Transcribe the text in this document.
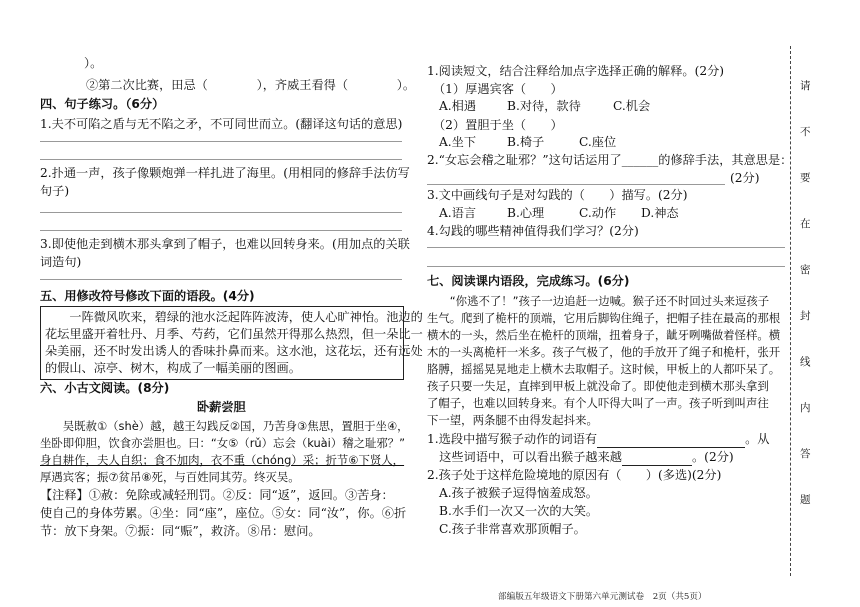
）。
②第二次比赛，田忌（　　　　），齐威王看得（　　　　）。
四、句子练习。（6分）
1.夫不可陷之盾与无不陷之矛，不可同世而立。(翻译这句话的意思)
2.扑通一声，孩子像颗炮弹一样扎进了海里。(用相同的修辞手法仿写
句子)
3.即使他走到横木那头拿到了帽子，也难以回转身来。(用加点的关联
词造句)
五、用修改符号修改下面的语段。(4分)
　　一阵微风吹来，碧绿的池水泛起阵阵波涛，使人心旷神怡。池边的
花坛里盛开着牡丹、月季、芍药，它们虽然开得那么热烈，但一朵比一
朵美丽，还不时发出诱人的香味扑鼻而来。这水池，这花坛，还有远处
的假山、凉亭、树木，构成了一幅美丽的图画。
六、小古文阅读。(8分)
卧薪尝胆
　　吴既赦①（shè）越，越王勾践反②国，乃苦身③焦思，置胆于坐④，
坐卧即仰胆，饮食亦尝胆也。曰：“女⑤（rǔ）忘会（kuài）稽之耻邪？”
身自耕作，夫人自织；食不加肉，衣不重（chóng）采；折节⑥下贤人，
厚遇宾客；振⑦贫吊⑧死，与百姓同其劳。终灭吴。
【注释】①赦：免除或减轻刑罚。②反：同“返”，返回。③苦身：
使自己的身体劳累。④坐：同“座”，座位。⑤女：同“汝”，你。⑥折
节：放下身架。⑦振：同“赈”，救济。⑧吊：慰问。
1.阅读短文，结合注释给加点字选择正确的解释。(2分)
（1）厚遇宾客（　　）
A.相遇	B.对待，款待	C.机会
（2）置胆于坐（　　）
A.坐下	B.椅子	C.座位
2.“女忘会稽之耻邪？”这句话运用了______的修辞手法，其意思是：
(2分)
3.文中画线句子是对勾践的（　　）描写。(2分)
A.语言	B.心理	C.动作 D.神态
4.勾践的哪些精神值得我们学习？(2分)
七、阅读课内语段，完成练习。(6分)
　　“你逃不了！”孩子一边追赶一边喊。猴子还不时回过头来逗孩子
生气。爬到了桅杆的顶端，它用后脚钩住绳子，把帽子挂在最高的那根
横木的一头，然后坐在桅杆的顶端，扭着身子，龇牙咧嘴做着怪样。横
木的一头离桅杆一米多。孩子气极了，他的手放开了绳子和桅杆，张开
胳膊，摇摇晃晃地走上横木去取帽子。这时候，甲板上的人都吓呆了。
孩子只要一失足，直摔到甲板上就没命了。即使他走到横木那头拿到
了帽子，也难以回转身来。有个人吓得大叫了一声。孩子听到叫声往
下一望，两条腿不由得发起抖来。
1.选段中描写猴子动作的词语有	。从
　这些词语中，可以看出猴子越来越	。(2分)
2.孩子处于这样危险境地的原因有（　　）(多选)(2分)
A.孩子被猴子逗得恼羞成怒。
B.水手们一次又一次的大笑。
C.孩子非常喜欢那顶帽子。
请
不
要
在
密
封
线
内
答
题
部编版五年级语文下册第六单元测试卷　2页（共5页）
